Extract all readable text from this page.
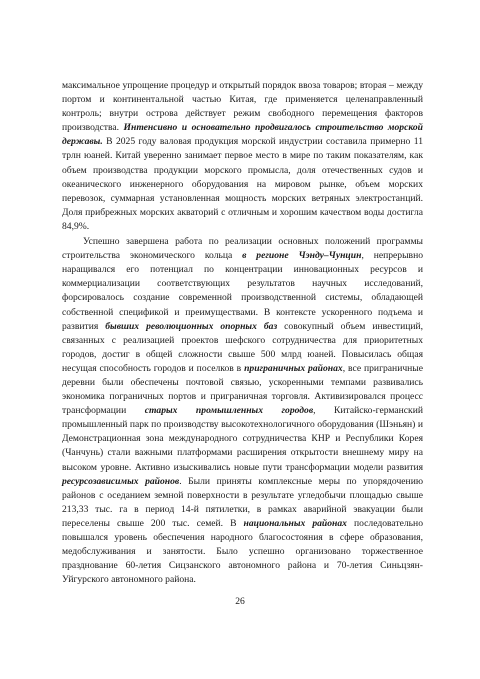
максимальное упрощение процедур и открытый порядок ввоза товаров; вторая – между портом и континентальной частью Китая, где применяется целенаправленный контроль; внутри острова действует режим свободного перемещения факторов производства. Интенсивно и основательно продвигалось строительство морской державы. В 2025 году валовая продукция морской индустрии составила примерно 11 трлн юаней. Китай уверенно занимает первое место в мире по таким показателям, как объем производства продукции морского промысла, доля отечественных судов и океанического инженерного оборудования на мировом рынке, объем морских перевозок, суммарная установленная мощность морских ветряных электростанций. Доля прибрежных морских акваторий с отличным и хорошим качеством воды достигла 84,9%.

Успешно завершена работа по реализации основных положений программы строительства экономического кольца в регионе Чэнду–Чунцин, непрерывно наращивался его потенциал по концентрации инновационных ресурсов и коммерциализации соответствующих результатов научных исследований, форсировалось создание современной производственной системы, обладающей собственной спецификой и преимуществами. В контексте ускоренного подъема и развития бывших революционных опорных баз совокупный объем инвестиций, связанных с реализацией проектов шефского сотрудничества для приоритетных городов, достиг в общей сложности свыше 500 млрд юаней. Повысилась общая несущая способность городов и поселков в приграничных районах, все приграничные деревни были обеспечены почтовой связью, ускоренными темпами развивались экономика пограничных портов и приграничная торговля. Активизировался процесс трансформации старых промышленных городов, Китайско-германский промышленный парк по производству высокотехнологичного оборудования (Шэньян) и Демонстрационная зона международного сотрудничества КНР и Республики Корея (Чанчунь) стали важными платформами расширения открытости внешнему миру на высоком уровне. Активно изыскивались новые пути трансформации модели развития ресурсозависимых районов. Были приняты комплексные меры по упорядочению районов с оседанием земной поверхности в результате угледобычи площадью свыше 213,33 тыс. га в период 14-й пятилетки, в рамках аварийной эвакуации были переселены свыше 200 тыс. семей. В национальных районах последовательно повышался уровень обеспечения народного благосостояния в сфере образования, медобслуживания и занятости. Было успешно организовано торжественное празднование 60-летия Сицзанского автономного района и 70-летия Синьцзян-Уйгурского автономного района.

26
